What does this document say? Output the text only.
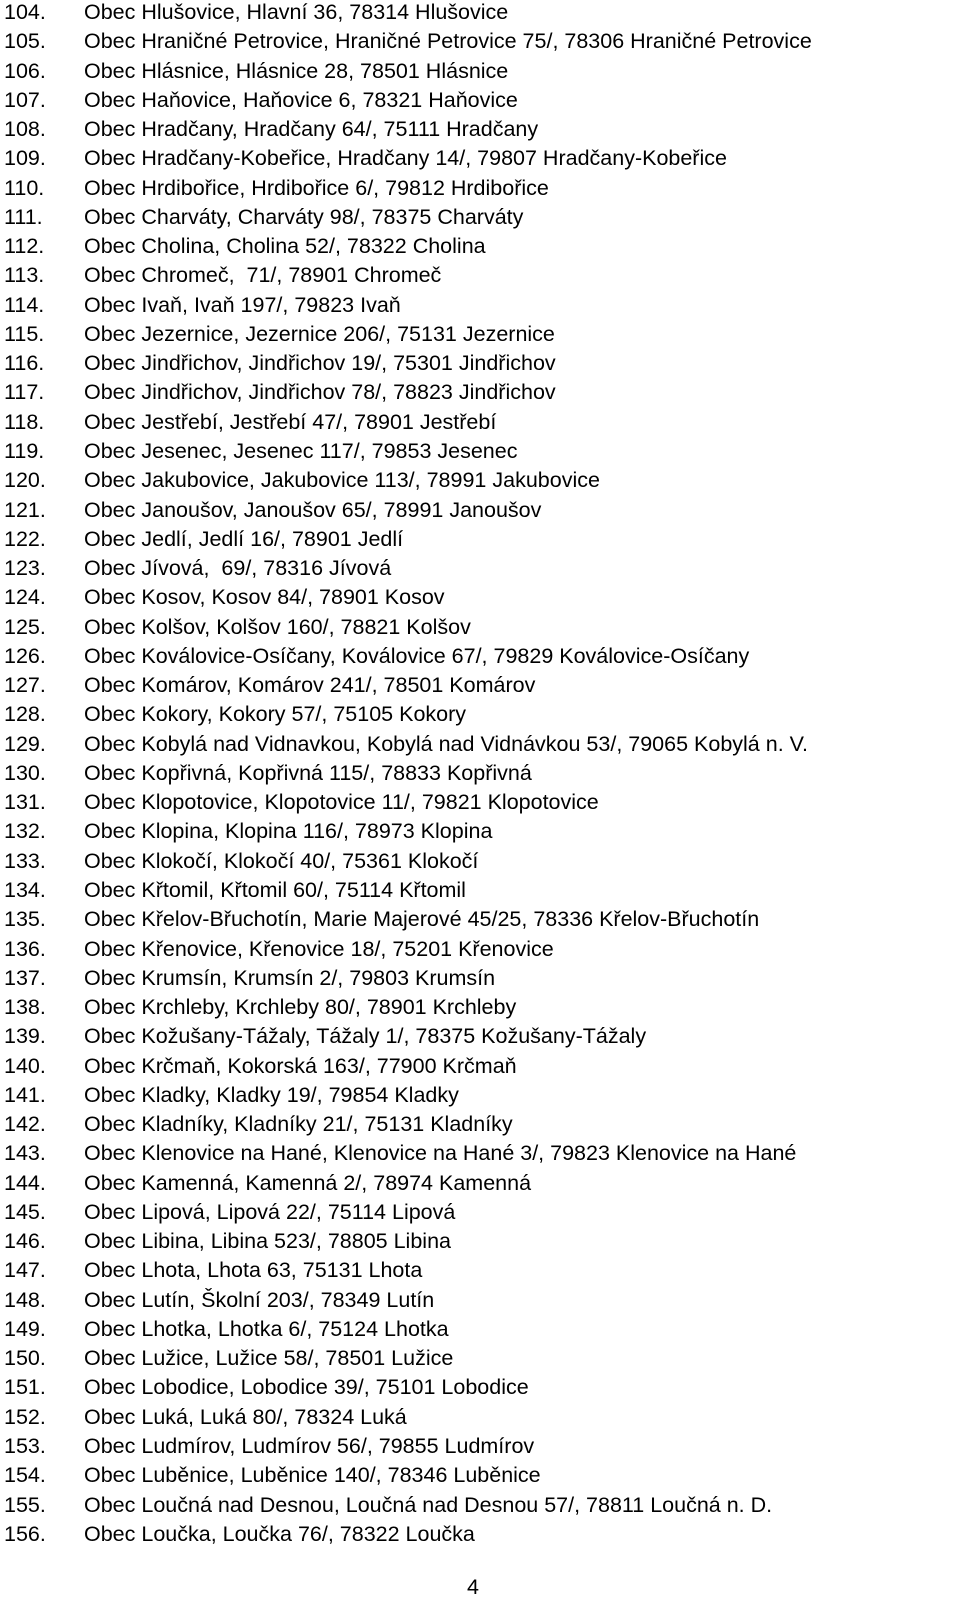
104.	Obec Hlušovice, Hlavní 36, 78314 Hlušovice
105.	Obec Hraničné Petrovice, Hraničné Petrovice 75/, 78306 Hraničné Petrovice
106.	Obec Hlásnice, Hlásnice 28, 78501 Hlásnice
107.	Obec Haňovice, Haňovice 6, 78321 Haňovice
108.	Obec Hradčany, Hradčany 64/, 75111 Hradčany
109.	Obec Hradčany-Kobeřice, Hradčany 14/, 79807 Hradčany-Kobeřice
110.	Obec Hrdibořice, Hrdibořice 6/, 79812 Hrdibořice
111.	Obec Charváty, Charváty 98/, 78375 Charváty
112.	Obec Cholina, Cholina 52/, 78322 Cholina
113.	Obec Chromeč,  71/, 78901 Chromeč
114.	Obec Ivaň, Ivaň 197/, 79823 Ivaň
115.	Obec Jezernice, Jezernice 206/, 75131 Jezernice
116.	Obec Jindřichov, Jindřichov 19/, 75301 Jindřichov
117.	Obec Jindřichov, Jindřichov 78/, 78823 Jindřichov
118.	Obec Jestřebí, Jestřebí 47/, 78901 Jestřebí
119.	Obec Jesenec, Jesenec 117/, 79853 Jesenec
120.	Obec Jakubovice, Jakubovice 113/, 78991 Jakubovice
121.	Obec Janoušov, Janoušov 65/, 78991 Janoušov
122.	Obec Jedlí, Jedlí 16/, 78901 Jedlí
123.	Obec Jívová,  69/, 78316 Jívová
124.	Obec Kosov, Kosov 84/, 78901 Kosov
125.	Obec Kolšov, Kolšov 160/, 78821 Kolšov
126.	Obec Koválovice-Osíčany, Koválovice 67/, 79829 Koválovice-Osíčany
127.	Obec Komárov, Komárov 241/, 78501 Komárov
128.	Obec Kokory, Kokory 57/, 75105 Kokory
129.	Obec Kobylá nad Vidnavkou, Kobylá nad Vidnávkou 53/, 79065 Kobylá n. V.
130.	Obec Kopřivná, Kopřivná 115/, 78833 Kopřivná
131.	Obec Klopotovice, Klopotovice 11/, 79821 Klopotovice
132.	Obec Klopina, Klopina 116/, 78973 Klopina
133.	Obec Klokočí, Klokočí 40/, 75361 Klokočí
134.	Obec Křtomil, Křtomil 60/, 75114 Křtomil
135.	Obec Křelov-Břuchotín, Marie Majerové 45/25, 78336 Křelov-Břuchotín
136.	Obec Křenovice, Křenovice 18/, 75201 Křenovice
137.	Obec Krumsín, Krumsín 2/, 79803 Krumsín
138.	Obec Krchleby, Krchleby 80/, 78901 Krchleby
139.	Obec Kožušany-Tážaly, Tážaly 1/, 78375 Kožušany-Tážaly
140.	Obec Krčmaň, Kokorská 163/, 77900 Krčmaň
141.	Obec Kladky, Kladky 19/, 79854 Kladky
142.	Obec Kladníky, Kladníky 21/, 75131 Kladníky
143.	Obec Klenovice na Hané, Klenovice na Hané 3/, 79823 Klenovice na Hané
144.	Obec Kamenná, Kamenná 2/, 78974 Kamenná
145.	Obec Lipová, Lipová 22/, 75114 Lipová
146.	Obec Libina, Libina 523/, 78805 Libina
147.	Obec Lhota, Lhota 63, 75131 Lhota
148.	Obec Lutín, Školní 203/, 78349 Lutín
149.	Obec Lhotka, Lhotka 6/, 75124 Lhotka
150.	Obec Lužice, Lužice 58/, 78501 Lužice
151.	Obec Lobodice, Lobodice 39/, 75101 Lobodice
152.	Obec Luká, Luká 80/, 78324 Luká
153.	Obec Ludmírov, Ludmírov 56/, 79855 Ludmírov
154.	Obec Luběnice, Luběnice 140/, 78346 Luběnice
155.	Obec Loučná nad Desnou, Loučná nad Desnou 57/, 78811 Loučná n. D.
156.	Obec Loučka, Loučka 76/, 78322 Loučka
4
